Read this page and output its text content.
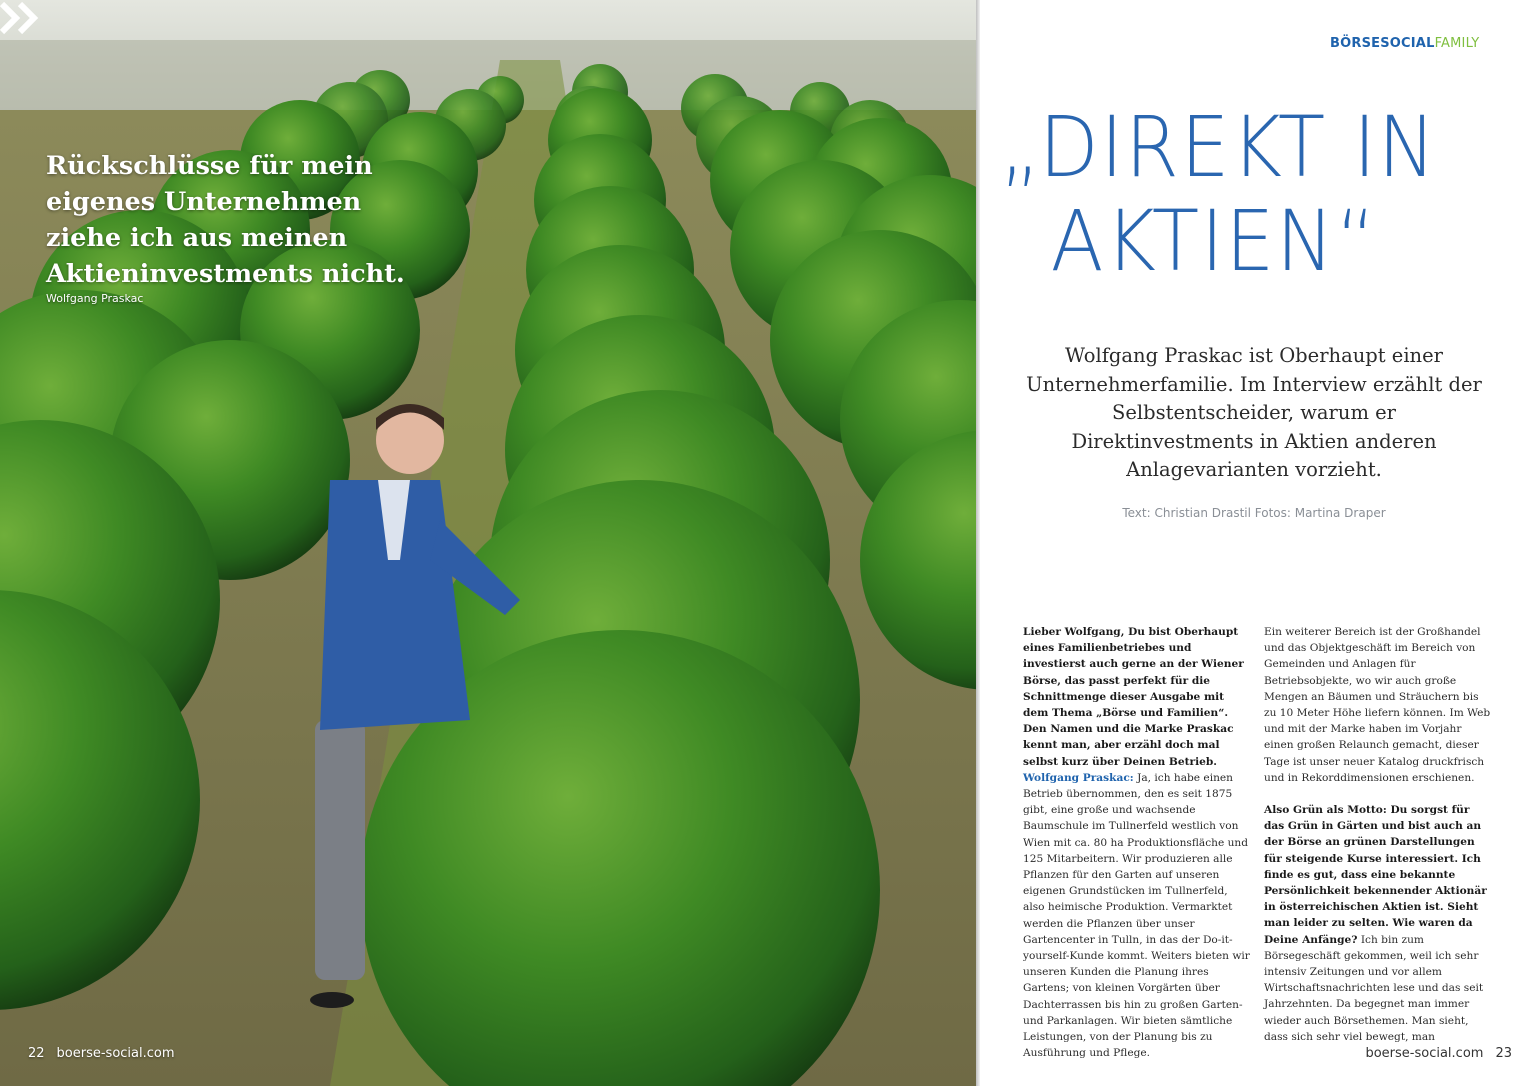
Rückschlüsse für mein
eigenes Unternehmen
ziehe ich aus meinen
Aktieninvestments nicht.

Wolfgang Praskac
22 boerse-social.com
BÖRSESOCIALFAMILY
„DIREKT IN
AKTIEN“

Wolfgang Praskac ist Oberhaupt einer Unternehmerfamilie. Im Interview erzählt der Selbstentscheider, warum er Direktinvestments in Aktien anderen Anlagevarianten vorzieht.

Text: Christian Drastil Fotos: Martina Draper

Lieber Wolfgang, Du bist Oberhaupt eines Familienbetriebes und investierst auch gerne an der Wiener Börse, das passt perfekt für die Schnittmenge dieser Ausgabe mit dem Thema „Börse und Familien“. Den Namen und die Marke Praskac kennt man, aber erzähl doch mal selbst kurz über Deinen Betrieb. Wolfgang Praskac: Ja, ich habe einen Betrieb übernommen, den es seit 1875 gibt, eine große und wachsende Baumschule im Tullnerfeld westlich von Wien mit ca. 80 ha Produktionsfläche und 125 Mitarbeitern. Wir produzieren alle Pflanzen für den Garten auf unseren eigenen Grundstücken im Tullnerfeld, also heimische Produktion. Vermarktet werden die Pflanzen über unser Gartencenter in Tulln, in das der Do-it-yourself-Kunde kommt. Weiters bieten wir unseren Kunden die Planung ihres Gartens; von kleinen Vorgärten über Dachterrassen bis hin zu großen Garten- und Parkanlagen. Wir bieten sämtliche Leistungen, von der Planung bis zu Ausführung und Pflege.

Ein weiterer Bereich ist der Großhandel und das Objektgeschäft im Bereich von Gemeinden und Anlagen für Betriebsobjekte, wo wir auch große Mengen an Bäumen und Sträuchern bis zu 10 Meter Höhe liefern können. Im Web und mit der Marke haben im Vorjahr einen großen Relaunch gemacht, dieser Tage ist unser neuer Katalog druckfrisch und in Rekorddimensionen erschienen.

Also Grün als Motto: Du sorgst für das Grün in Gärten und bist auch an der Börse an grünen Darstellungen für steigende Kurse interessiert. Ich finde es gut, dass eine bekannte Persönlichkeit bekennender Aktionär in österreichischen Aktien ist. Sieht man leider zu selten. Wie waren da Deine Anfänge? Ich bin zum Börsegeschäft gekommen, weil ich sehr intensiv Zeitungen und vor allem Wirtschaftsnachrichten lese und das seit Jahrzehnten. Da begegnet man immer wieder auch Börsethemen. Man sieht, dass sich sehr viel bewegt, man

boerse-social.com 23
